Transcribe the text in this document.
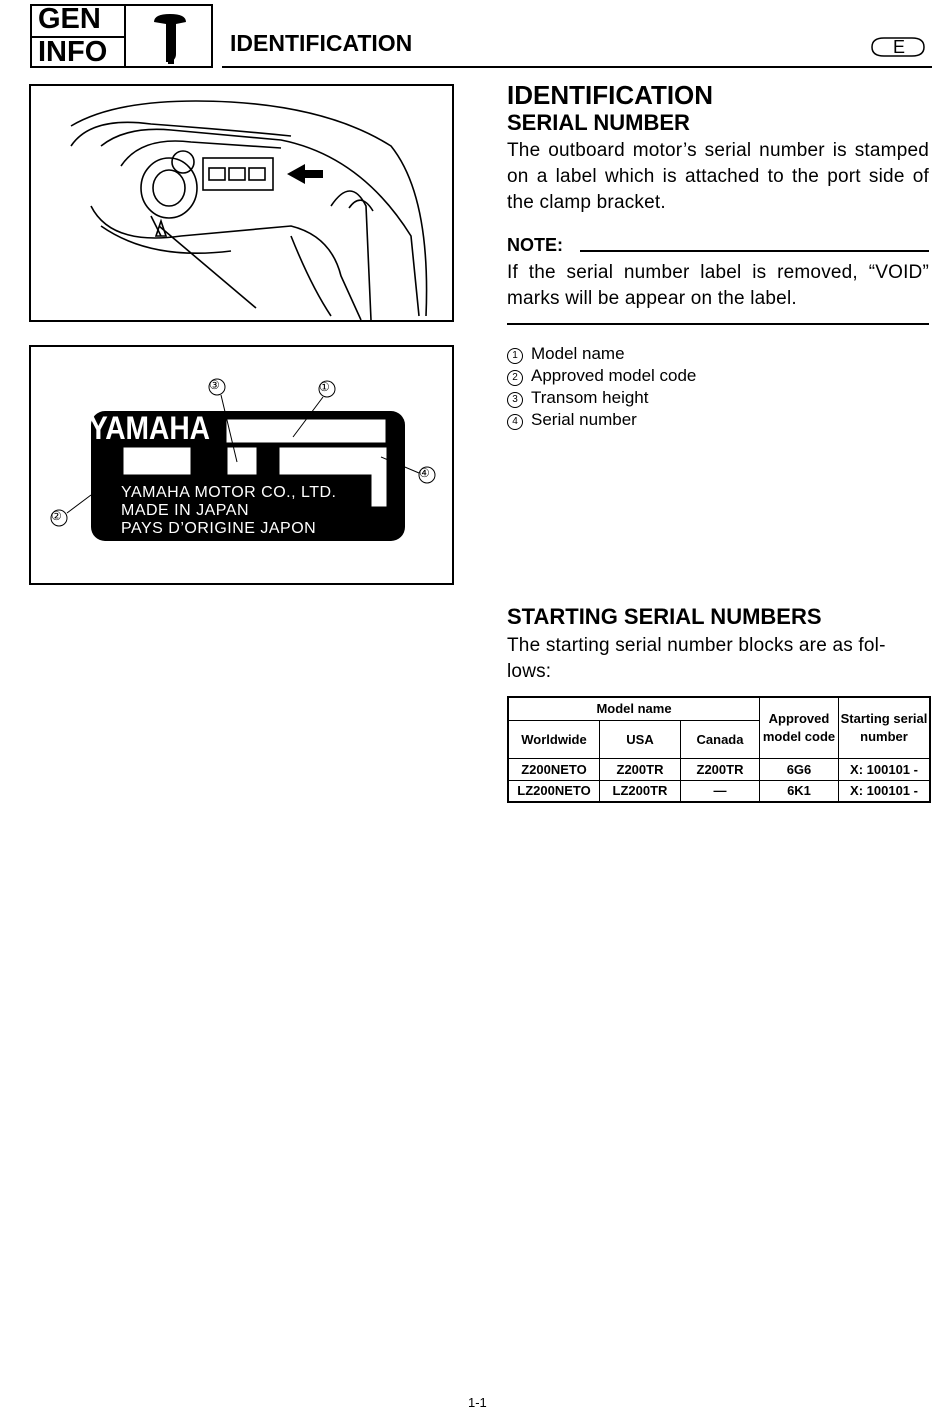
GEN
INFO	IDENTIFICATION	E
YAMAHA
YAMAHA MOTOR CO., LTD.
MADE IN JAPAN
PAYS D’ORIGINE JAPON
③	①
②
④
IDENTIFICATION
SERIAL NUMBER
The outboard motor’s serial number is stamped on a label which is attached to the port side of the clamp bracket.
NOTE:
If the serial number label is removed, “VOID” marks will be appear on the label.
1 Model name
2 Approved model code
3 Transom height
4 Serial number
STARTING SERIAL NUMBERS
The starting serial number blocks are as fol- lows:
Model name			Approved model code	Starting serial number
Worldwide	USA	Canada		
Z200NETO	Z200TR	Z200TR	6G6	X: 100101 -
LZ200NETO	LZ200TR	—	6K1	X: 100101 -
1-1
